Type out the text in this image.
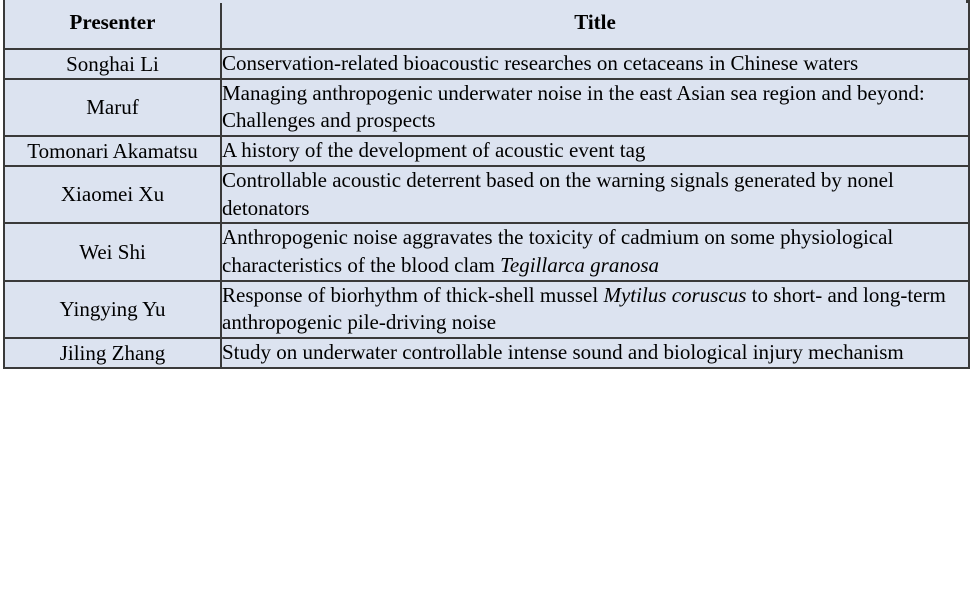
Presenter	Title
Songhai Li	Conservation-related bioacoustic researches on cetaceans in Chinese waters
Maruf	Managing anthropogenic underwater noise in the east Asian sea region and beyond: Challenges and prospects
Tomonari Akamatsu	A history of the development of acoustic event tag
Xiaomei Xu	Controllable acoustic deterrent based on the warning signals generated by nonel detonators
Wei Shi	Anthropogenic noise aggravates the toxicity of cadmium on some physiological characteristics of the blood clam Tegillarca granosa
Yingying Yu	Response of biorhythm of thick-shell mussel Mytilus coruscus to short- and long-term anthropogenic pile-driving noise
Jiling Zhang	Study on underwater controllable intense sound and biological injury mechanism
